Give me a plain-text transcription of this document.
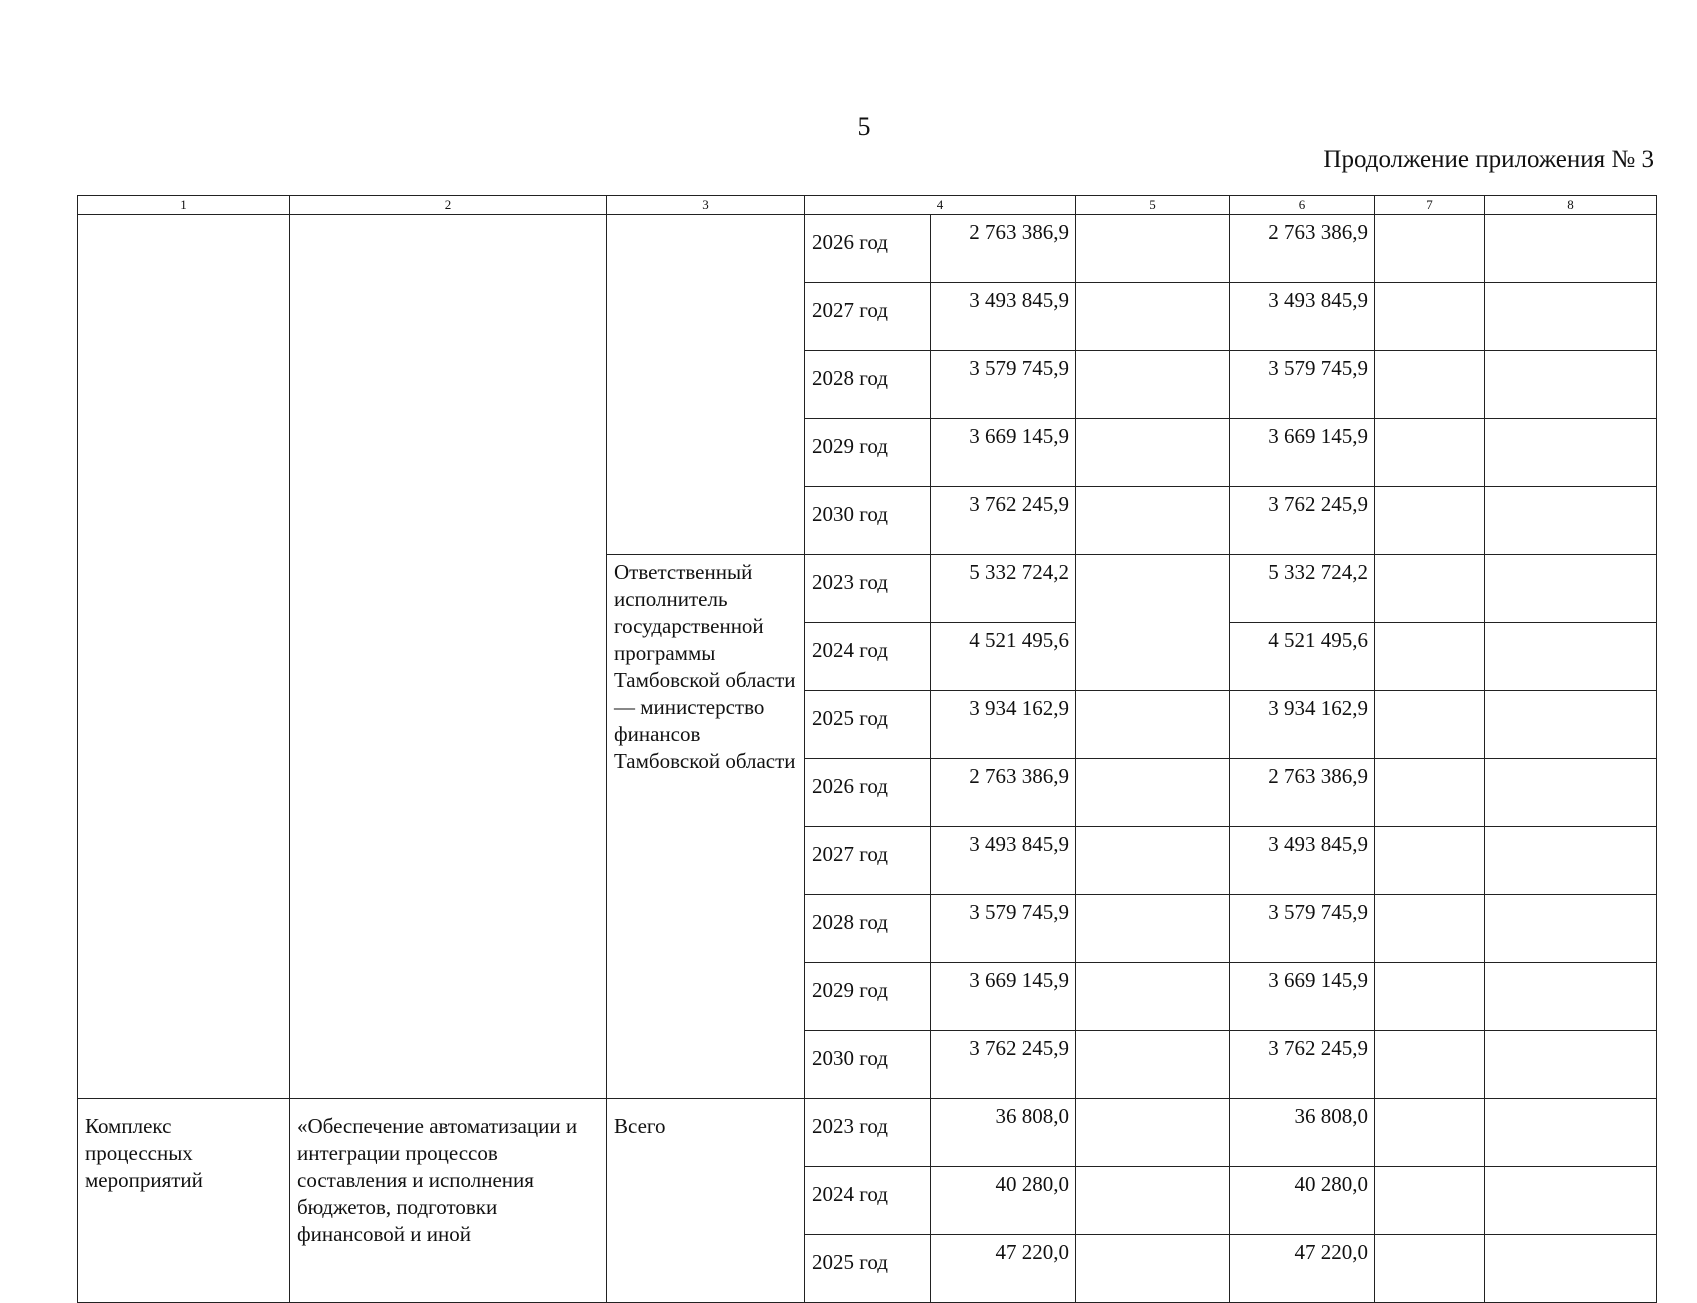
5
Продолжение приложения № 3
1	2	3	4		5	6	7	8
			2026 год	2 763 386,9		2 763 386,9		
			2027 год	3 493 845,9		3 493 845,9		
			2028 год	3 579 745,9		3 579 745,9		
			2029 год	3 669 145,9		3 669 145,9		
			2030 год	3 762 245,9		3 762 245,9		
		Ответственный исполнитель государственной программы Тамбовской области — министерство финансов Тамбовской области	2023 год	5 332 724,2		5 332 724,2		
			2024 год	4 521 495,6		4 521 495,6		
			2025 год	3 934 162,9		3 934 162,9		
			2026 год	2 763 386,9		2 763 386,9		
			2027 год	3 493 845,9		3 493 845,9		
			2028 год	3 579 745,9		3 579 745,9		
			2029 год	3 669 145,9		3 669 145,9		
			2030 год	3 762 245,9		3 762 245,9		
Комплекс процессных мероприятий	«Обеспечение автоматизации и интеграции процессов составления и исполнения бюджетов, подготовки финансовой и иной	Всего	2023 год	36 808,0		36 808,0		
			2024 год	40 280,0		40 280,0		
			2025 год	47 220,0		47 220,0		
